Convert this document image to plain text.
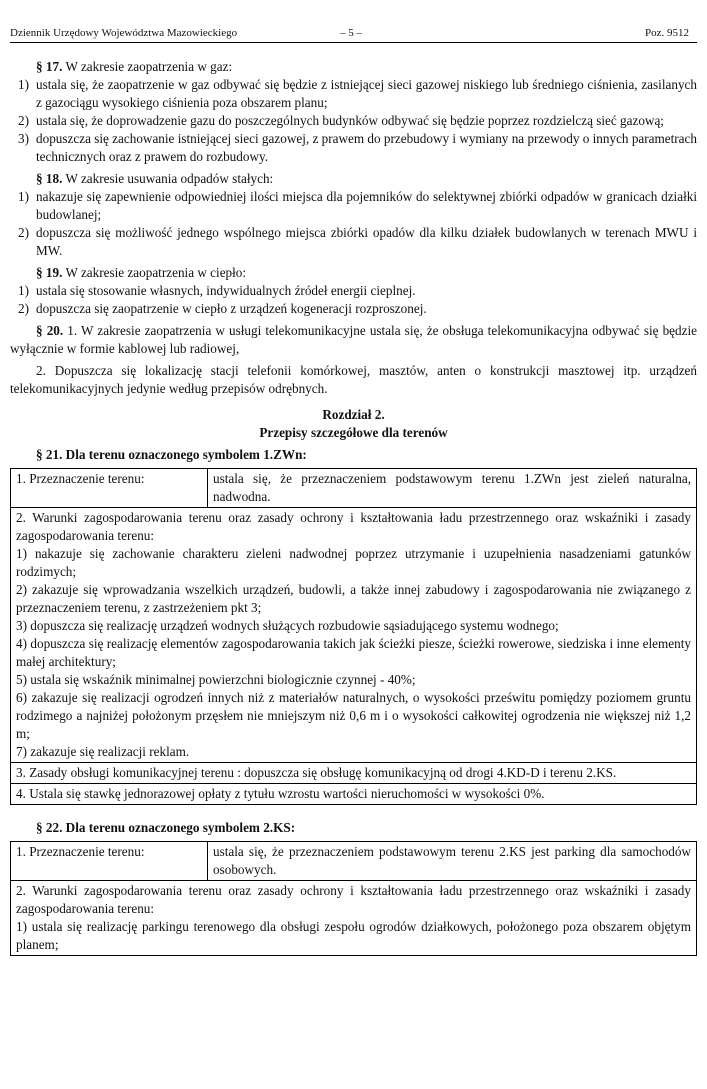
Dziennik Urzędowy Województwa Mazowieckiego	– 5 –	Poz. 9512
§ 17. W zakresie zaopatrzenia w gaz:
1) ustala się, że zaopatrzenie w gaz odbywać się będzie z istniejącej sieci gazowej niskiego lub średniego ciśnienia, zasilanych z gazociągu wysokiego ciśnienia poza obszarem planu;
2) ustala się, że doprowadzenie gazu do poszczególnych budynków odbywać się będzie poprzez rozdzielczą sieć gazową;
3) dopuszcza się zachowanie istniejącej sieci gazowej, z prawem do przebudowy i wymiany na przewody o innych parametrach technicznych oraz z prawem do rozbudowy.
§ 18. W zakresie usuwania odpadów stałych:
1) nakazuje się zapewnienie odpowiedniej ilości miejsca dla pojemników do selektywnej zbiórki odpadów w granicach działki budowlanej;
2) dopuszcza się możliwość jednego wspólnego miejsca zbiórki opadów dla kilku działek budowlanych w terenach MWU i MW.
§ 19. W zakresie zaopatrzenia w ciepło:
1) ustala się stosowanie własnych, indywidualnych źródeł energii cieplnej.
2) dopuszcza się zaopatrzenie w ciepło z urządzeń kogeneracji rozproszonej.
§ 20. 1. W zakresie zaopatrzenia w usługi telekomunikacyjne ustala się, że obsługa telekomunikacyjna odbywać się będzie wyłącznie w formie kablowej lub radiowej,
2. Dopuszcza się lokalizację stacji telefonii komórkowej, masztów, anten o konstrukcji masztowej itp. urządzeń telekomunikacyjnych jedynie według przepisów odrębnych.
Rozdział 2.
Przepisy szczegółowe dla terenów
§ 21. Dla terenu oznaczonego symbolem 1.ZWn:
1. Przeznaczenie terenu:	ustala się, że przeznaczeniem podstawowym terenu 1.ZWn jest zieleń naturalna, nadwodna.

2. Warunki zagospodarowania terenu oraz zasady ochrony i kształtowania ładu przestrzennego oraz wskaźniki i zasady zagospodarowania terenu:
1) nakazuje się zachowanie charakteru zieleni nadwodnej poprzez utrzymanie i uzupełnienia nasadzeniami gatunków rodzimych;
2) zakazuje się wprowadzania wszelkich urządzeń, budowli, a także innej zabudowy i zagospodarowania nie związanego z przeznaczeniem terenu, z zastrzeżeniem pkt 3;
3) dopuszcza się realizację urządzeń wodnych służących rozbudowie sąsiadującego systemu wodnego;
4) dopuszcza się realizację elementów zagospodarowania takich jak ścieżki piesze, ścieżki rowerowe, siedziska i inne elementy małej architektury;
5) ustala się wskaźnik minimalnej powierzchni biologicznie czynnej - 40%;
6) zakazuje się realizacji ogrodzeń innych niż z materiałów naturalnych, o wysokości prześwitu pomiędzy poziomem gruntu rodzimego a najniżej położonym przęsłem nie mniejszym niż 0,6 m i o wysokości całkowitej ogrodzenia nie większej niż 1,2 m;
7) zakazuje się realizacji reklam.

3. Zasady obsługi komunikacyjnej terenu : dopuszcza się obsługę komunikacyjną od drogi 4.KD-D i terenu 2.KS.
4. Ustala się stawkę jednorazowej opłaty z tytułu wzrostu wartości nieruchomości w wysokości 0%.
§ 22. Dla terenu oznaczonego symbolem 2.KS:
1. Przeznaczenie terenu:	ustala się, że przeznaczeniem podstawowym terenu 2.KS jest parking dla samochodów osobowych.

2. Warunki zagospodarowania terenu oraz zasady ochrony i kształtowania ładu przestrzennego oraz wskaźniki i zasady zagospodarowania terenu:
1) ustala się realizację parkingu terenowego dla obsługi zespołu ogrodów działkowych, położonego poza obszarem objętym planem;
